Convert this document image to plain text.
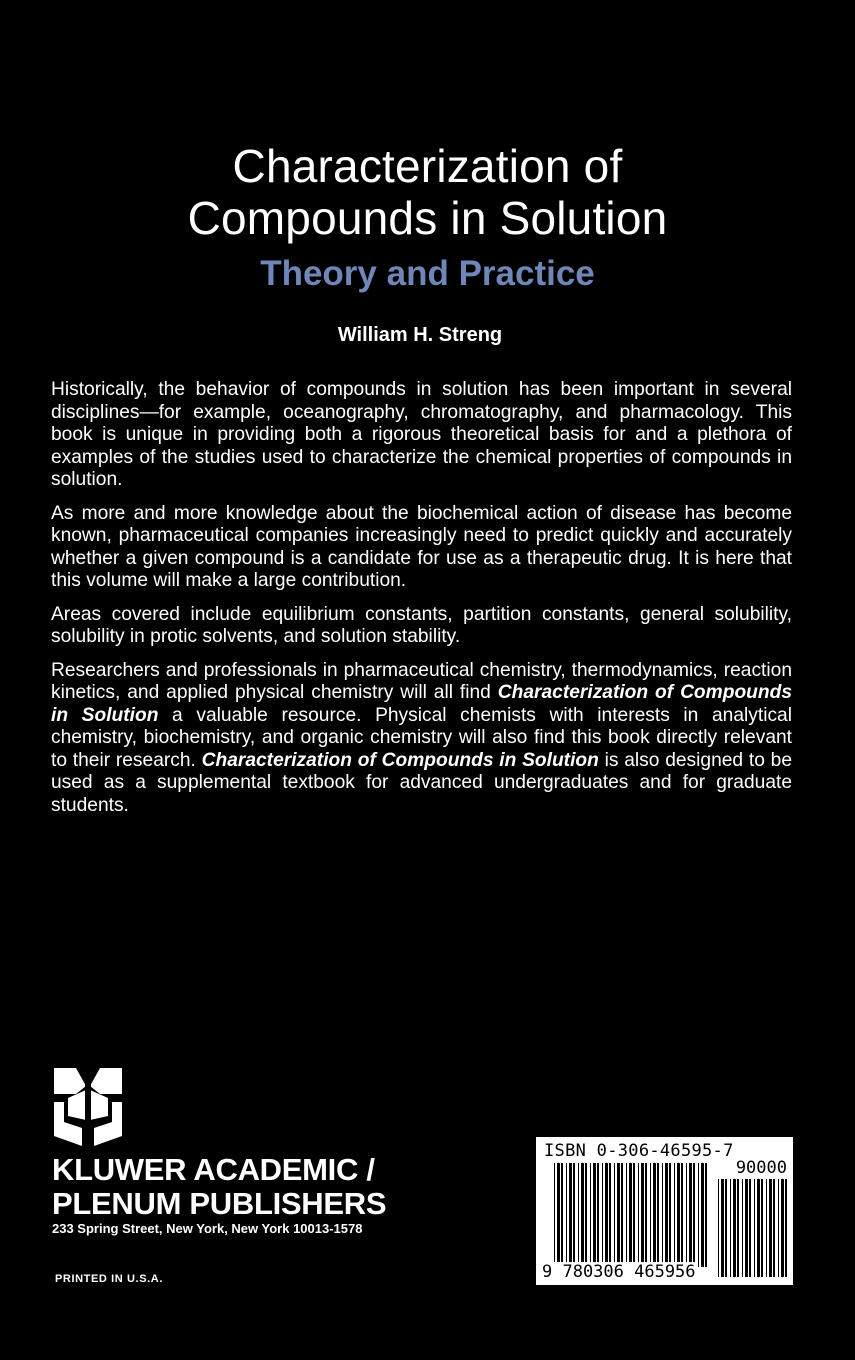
Characterization of
Compounds in Solution
Theory and Practice
William H. Streng

Historically, the behavior of compounds in solution has been important in several disciplines—for example, oceanography, chromatography, and pharmacology. This book is unique in providing both a rigorous theoretical basis for and a plethora of examples of the studies used to characterize the chemical properties of compounds in solution.

As more and more knowledge about the biochemical action of disease has become known, pharmaceutical companies increasingly need to predict quickly and accurately whether a given compound is a candidate for use as a therapeutic drug. It is here that this volume will make a large contribution.

Areas covered include equilibrium constants, partition constants, general solubility, solubility in protic solvents, and solution stability.

Researchers and professionals in pharmaceutical chemistry, thermodynamics, reaction kinetics, and applied physical chemistry will all find Characterization of Compounds in Solution a valuable resource. Physical chemists with interests in analytical chemistry, biochemistry, and organic chemistry will also find this book directly relevant to their research. Characterization of Compounds in Solution is also designed to be used as a supplemental textbook for advanced undergraduates and for graduate students.

KLUWER ACADEMIC /
PLENUM PUBLISHERS
233 Spring Street, New York, New York 10013-1578
PRINTED IN U.S.A.
ISBN 0-306-46595-7
90000
9 780306 465956
